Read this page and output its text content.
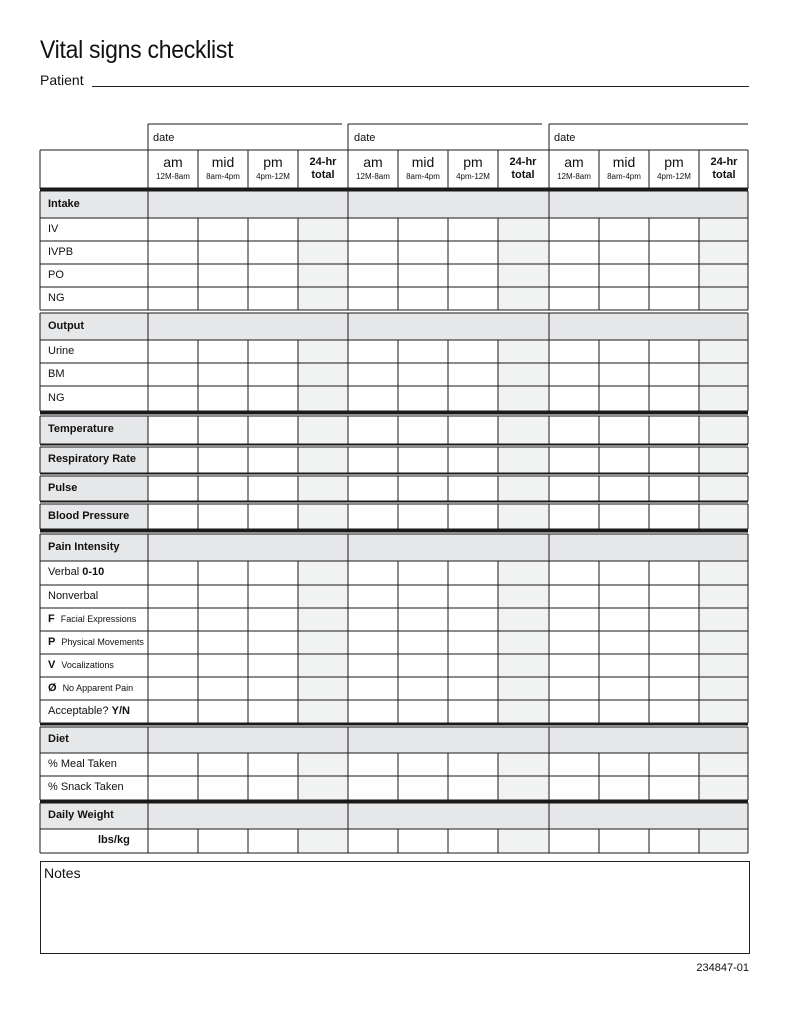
Vital signs checklist
Patient
date	date	date
am
12M-8am
mid
8am-4pm
pm
4pm-12M
24-hr
total
am
12M-8am
mid
8am-4pm
pm
4pm-12M
24-hr
total
am
12M-8am
mid
8am-4pm
pm
4pm-12M
24-hr
total
Intake
IV
IVPB
PO
NG
Output
Urine
BM
NG
Temperature
Respiratory Rate
Pulse
Blood Pressure
Pain Intensity
Verbal 0-10
Nonverbal
F Facial Expressions
P Physical Movements
V Vocalizations
Ø No Apparent Pain
Acceptable? Y/N
Diet
% Meal Taken
% Snack Taken
Daily Weight
lbs/kg
Notes
234847-01
